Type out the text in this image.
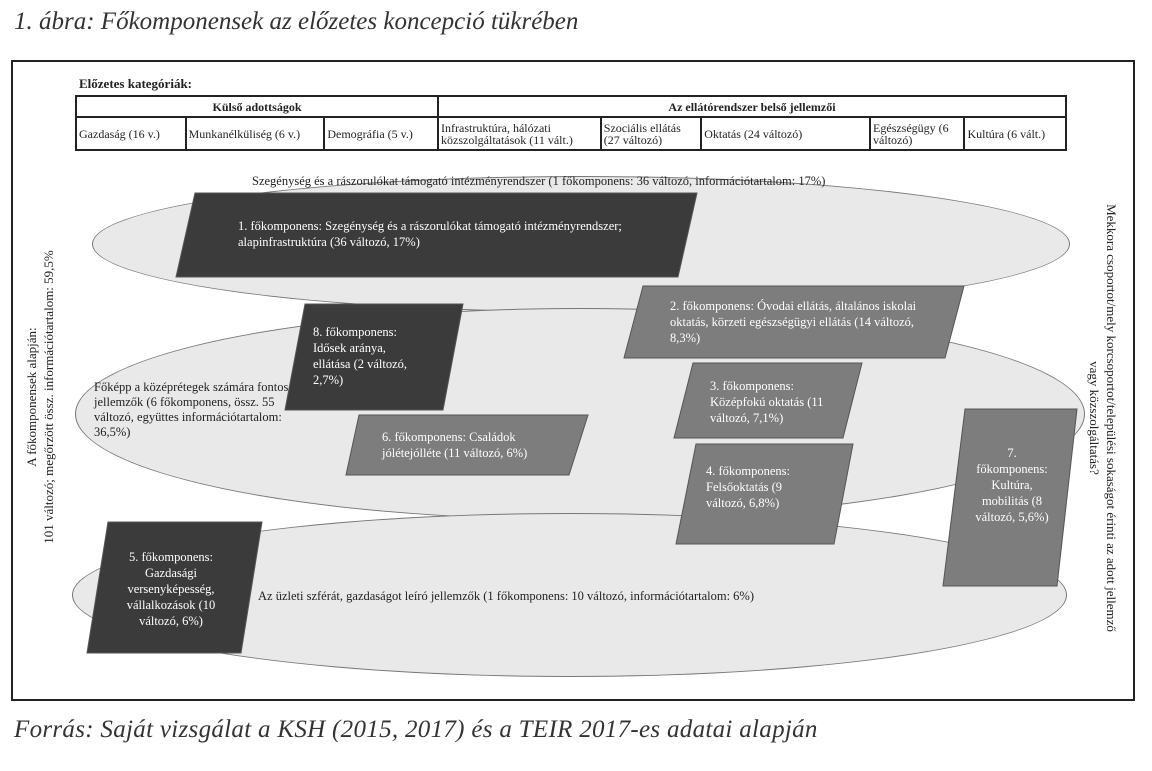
1. ábra: Főkomponensek az előzetes koncepció tükrében
Előzetes kategóriák:
Külső adottságok			Az ellátórendszer belső jellemzői				
Gazdaság (16 v.)	Munkanélküliség (6 v.)	Demográfia (5 v.)	Infrastruktúra, hálózati közszolgáltatások (11 vált.)	Szociális ellátás (27 változó)	Oktatás (24 változó)	Egészségügy (6 változó)	Kultúra (6 vált.)
Szegénység és a rászorulókat támogató intézményrendszer (1 főkomponens: 36 változó, információtartalom: 17%)
Főképp a középrétegek számára fontos jellemzők (6 főkomponens, össz. 55 változó, együttes információtartalom: 36,5%)
Az üzleti szférát, gazdaságot leíró jellemzők (1 főkomponens: 10 változó, információtartalom: 6%)
1. főkomponens: Szegénység és a rászorulókat támogató intézményrendszer; alapinfrastruktúra (36 változó, 17%)
2. főkomponens: Óvodai ellátás, általános iskolai oktatás, körzeti egészségügyi ellátás (14 változó, 8,3%)
8. főkomponens: Idősek aránya, ellátása (2 változó, 2,7%)	3. főkomponens: Középfokú oktatás (11 változó, 7,1%)
6. főkomponens: Családok jólétejólléte (11 változó, 6%)
4. főkomponens: Felsőoktatás (9 változó, 6,8%)
7. főkomponens: Kultúra, mobilitás (8 változó, 5,6%)
5. főkomponens: Gazdasági versenyképesség, vállalkozások (10 változó, 6%)
A főkomponensek alapján: 101 változó; megőrzött össz. információtartalom: 59,5%	Mekkora csoportot/mely korcsoportot/települési sokaságot érinti az adott jellemző
vagy közszolgáltatás?
Forrás: Saját vizsgálat a KSH (2015, 2017) és a TEIR 2017-es adatai alapján
